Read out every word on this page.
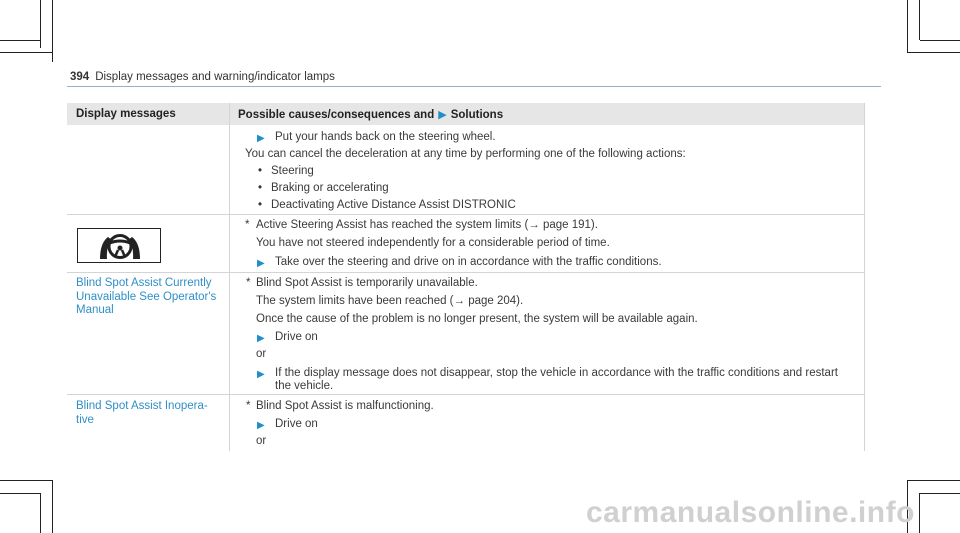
394 Display messages and warning/indicator lamps
Display messages	Possible causes/consequences and ▶ Solutions
▶ Put your hands back on the steering wheel.
You can cancel the deceleration at any time by performing one of the following actions:
• Steering
• Braking or accelerating
• Deactivating Active Distance Assist DISTRONIC
* Active Steering Assist has reached the system limits (→ page 191).
You have not steered independently for a considerable period of time.
▶ Take over the steering and drive on in accordance with the traffic conditions.
Blind Spot Assist Currently
Unavailable See Operator's
Manual
* Blind Spot Assist is temporarily unavailable.
The system limits have been reached (→ page 204).
Once the cause of the problem is no longer present, the system will be available again.
▶ Drive on
or
▶ If the display message does not disappear, stop the vehicle in accordance with the traffic conditions and restart
the vehicle.
Blind Spot Assist Inopera-
tive
* Blind Spot Assist is malfunctioning.
▶ Drive on
or
carmanualsonline.info
